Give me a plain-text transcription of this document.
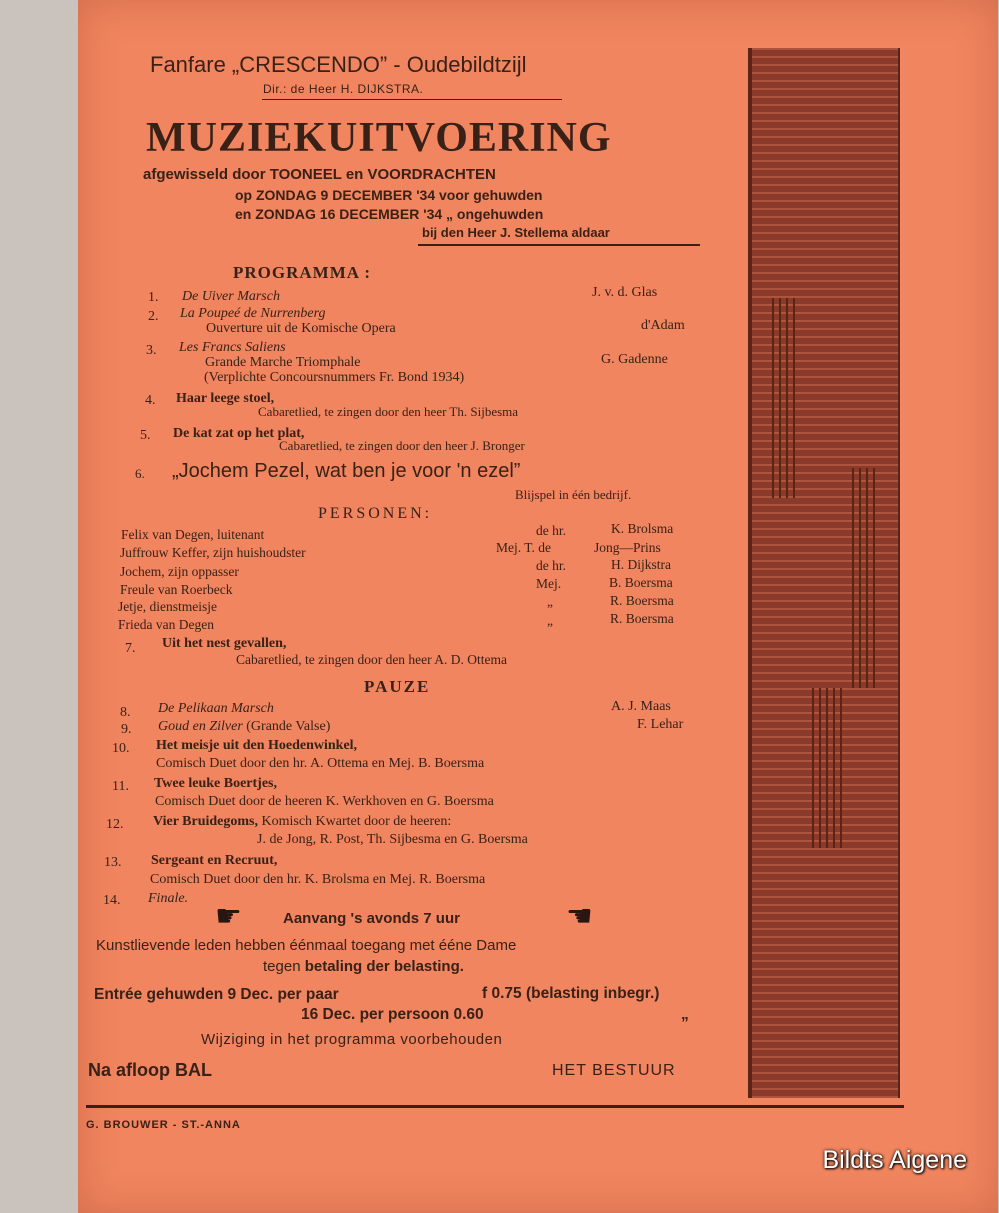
Fanfare „CRESCENDO” - Oudebildtzijl
Dir.: de Heer H. DIJKSTRA.
MUZIEKUITVOERING
afgewisseld door TOONEEL en VOORDRACHTEN
op ZONDAG 9 DECEMBER '34 voor gehuwden
en ZONDAG 16 DECEMBER '34 „ ongehuwden
bij den Heer J. Stellema aldaar
PROGRAMMA :
1. De Uiver Marsch	J. v. d. Glas
2. La Poupeé de Nurrenberg
Ouverture uit de Komische Opera	d'Adam
3. Les Francs Saliens
Grande Marche Triomphale	G. Gadenne
(Verplichte Concoursnummers Fr. Bond 1934)
4. Haar leege stoel,
Cabaretlied, te zingen door den heer Th. Sijbesma
5. De kat zat op het plat,
Cabaretlied, te zingen door den heer J. Bronger
6. „Jochem Pezel, wat ben je voor 'n ezel”
Blijspel in één bedrijf.
PERSONEN:
Felix van Degen, luitenant	de hr.	K. Brolsma
Juffrouw Keffer, zijn huishoudster	Mej. T. de	Jong—Prins
Jochem, zijn oppasser	de hr.	H. Dijkstra
Freule van Roerbeck	Mej.	B. Boersma
Jetje, dienstmeisje	„	R. Boersma
Frieda van Degen	„	R. Boersma
7. Uit het nest gevallen,
Cabaretlied, te zingen door den heer A. D. Ottema
PAUZE
8. De Pelikaan Marsch	A. J. Maas
9. Goud en Zilver (Grande Valse)	F. Lehar
10. Het meisje uit den Hoedenwinkel,
Comisch Duet door den hr. A. Ottema en Mej. B. Boersma
11. Twee leuke Boertjes,
Comisch Duet door de heeren K. Werkhoven en G. Boersma
12. Vier Bruidegoms, Komisch Kwartet door de heeren:
J. de Jong, R. Post, Th. Sijbesma en G. Boersma
13. Sergeant en Recruut,
Comisch Duet door den hr. K. Brolsma en Mej. R. Boersma
14. Finale.
☛	Aanvang 's avonds 7 uur	☛
Kunstlievende leden hebben éénmaal toegang met ééne Dame
tegen betaling der belasting.
Entrée gehuwden 9 Dec. per paar	f 0.75 (belasting inbegr.)
16 Dec. per persoon 0.60	„
Wijziging in het programma voorbehouden
Na afloop BAL	HET BESTUUR
G. BROUWER - ST.-ANNA
Bildts Aigene
